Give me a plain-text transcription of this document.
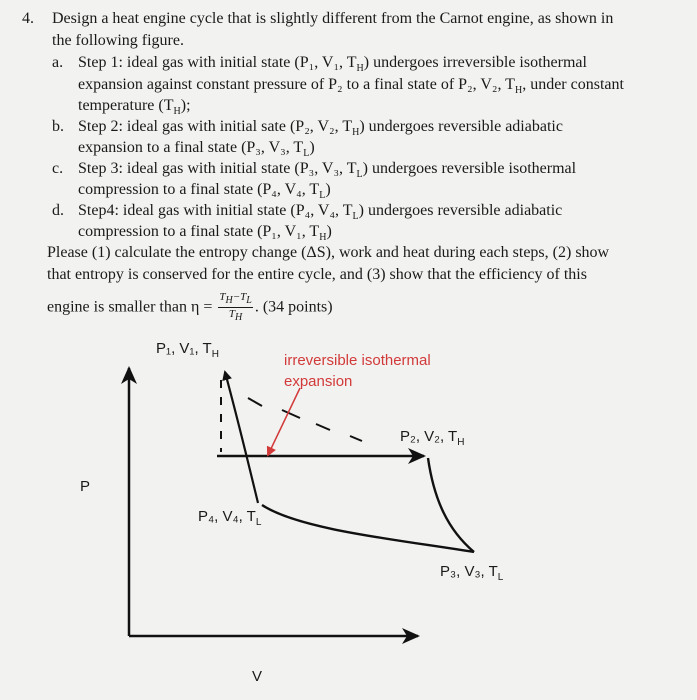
4. Design a heat engine cycle that is slightly different from the Carnot engine, as shown in
the following figure.
a. Step 1: ideal gas with initial state (P₁, V₁, $T_H$) undergoes irreversible isothermal
expansion against constant pressure of P₂ to a final state of P₂, V₂, $T_H$, under constant
temperature $(T_H)$;
b. Step 2: ideal gas with initial sate (P₂, V₂, $T_H$) undergoes reversible adiabatic
expansion to a final state (P₃, V₃, $T_L$)
c. Step 3: ideal gas with initial state (P₃, V₃, $T_L$) undergoes reversible isothermal
compression to a final state (P₄, V₄, $T_L$)
d. Step4: ideal gas with initial state (P₄, V₄, $T_L$) undergoes reversible adiabatic
compression to a final state (P₁, V₁, $T_H$)
Please (1) calculate the entropy change (ΔS), work and heat during each steps, (2) show
that entropy is conserved for the entire cycle, and (3) show that the efficiency of this
engine is smaller than $\eta = \frac{T_H-T_L}{T_H}$ . (34 points)
P₁, V₁, $T_H$	irreversible isothermal
expansion
P₂, V₂, $T_H$
P
P₄, V₄, $T_L$
P₃, V₃, $T_L$
V
